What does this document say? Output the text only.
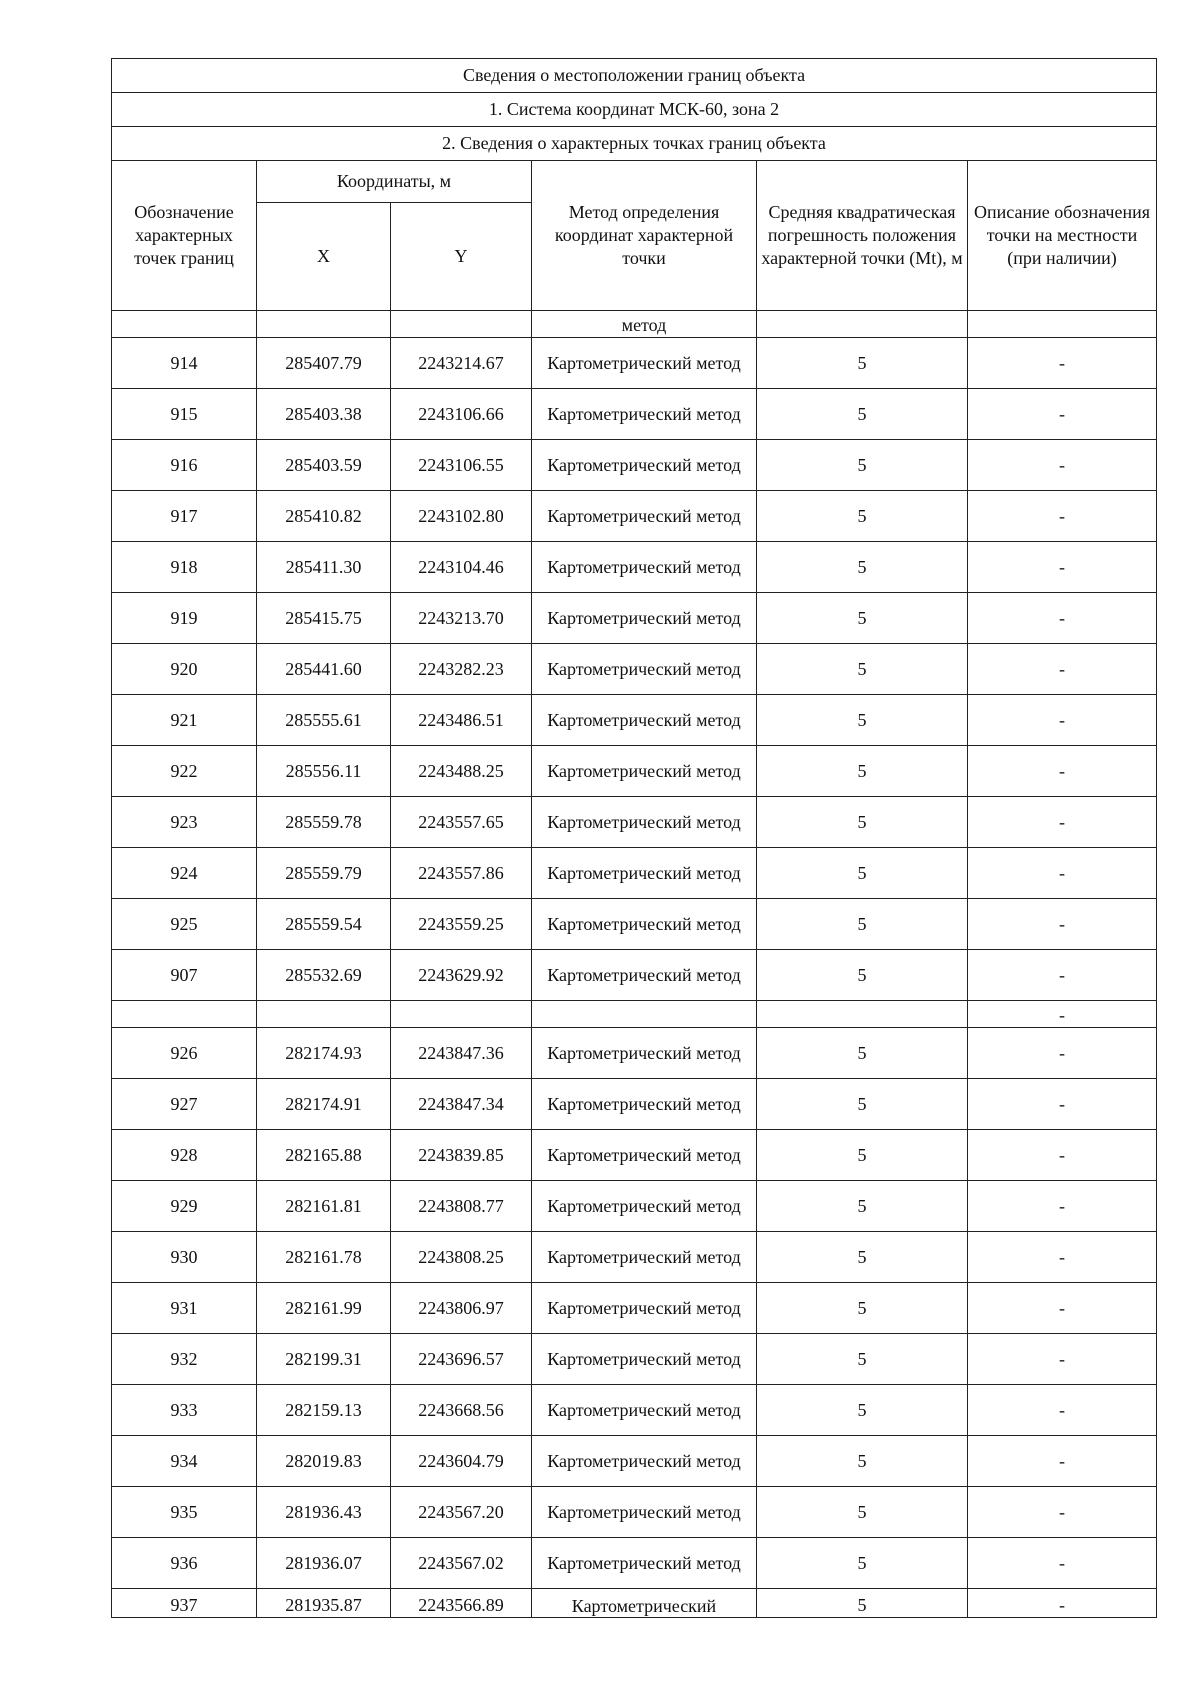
Сведения о местоположении границ объекта					
1. Система координат МСК-60, зона 2					
2. Сведения о характерных точках границ объекта					
Обозначение характерных точек границ	Координаты, м		Метод определения координат характерной точки	Средняя квадратическая погрешность положения характерной точки (Mt), м	Описание обозначения точки на местности (при наличии)
	X	Y			
			метод		
914	285407.79	2243214.67	Картометрический метод	5	-
915	285403.38	2243106.66	Картометрический метод	5	-
916	285403.59	2243106.55	Картометрический метод	5	-
917	285410.82	2243102.80	Картометрический метод	5	-
918	285411.30	2243104.46	Картометрический метод	5	-
919	285415.75	2243213.70	Картометрический метод	5	-
920	285441.60	2243282.23	Картометрический метод	5	-
921	285555.61	2243486.51	Картометрический метод	5	-
922	285556.11	2243488.25	Картометрический метод	5	-
923	285559.78	2243557.65	Картометрический метод	5	-
924	285559.79	2243557.86	Картометрический метод	5	-
925	285559.54	2243559.25	Картометрический метод	5	-
907	285532.69	2243629.92	Картометрический метод	5	-
					-
926	282174.93	2243847.36	Картометрический метод	5	-
927	282174.91	2243847.34	Картометрический метод	5	-
928	282165.88	2243839.85	Картометрический метод	5	-
929	282161.81	2243808.77	Картометрический метод	5	-
930	282161.78	2243808.25	Картометрический метод	5	-
931	282161.99	2243806.97	Картометрический метод	5	-
932	282199.31	2243696.57	Картометрический метод	5	-
933	282159.13	2243668.56	Картометрический метод	5	-
934	282019.83	2243604.79	Картометрический метод	5	-
935	281936.43	2243567.20	Картометрический метод	5	-
936	281936.07	2243567.02	Картометрический метод	5	-
937	281935.87	2243566.89	Картометрический	5	-
